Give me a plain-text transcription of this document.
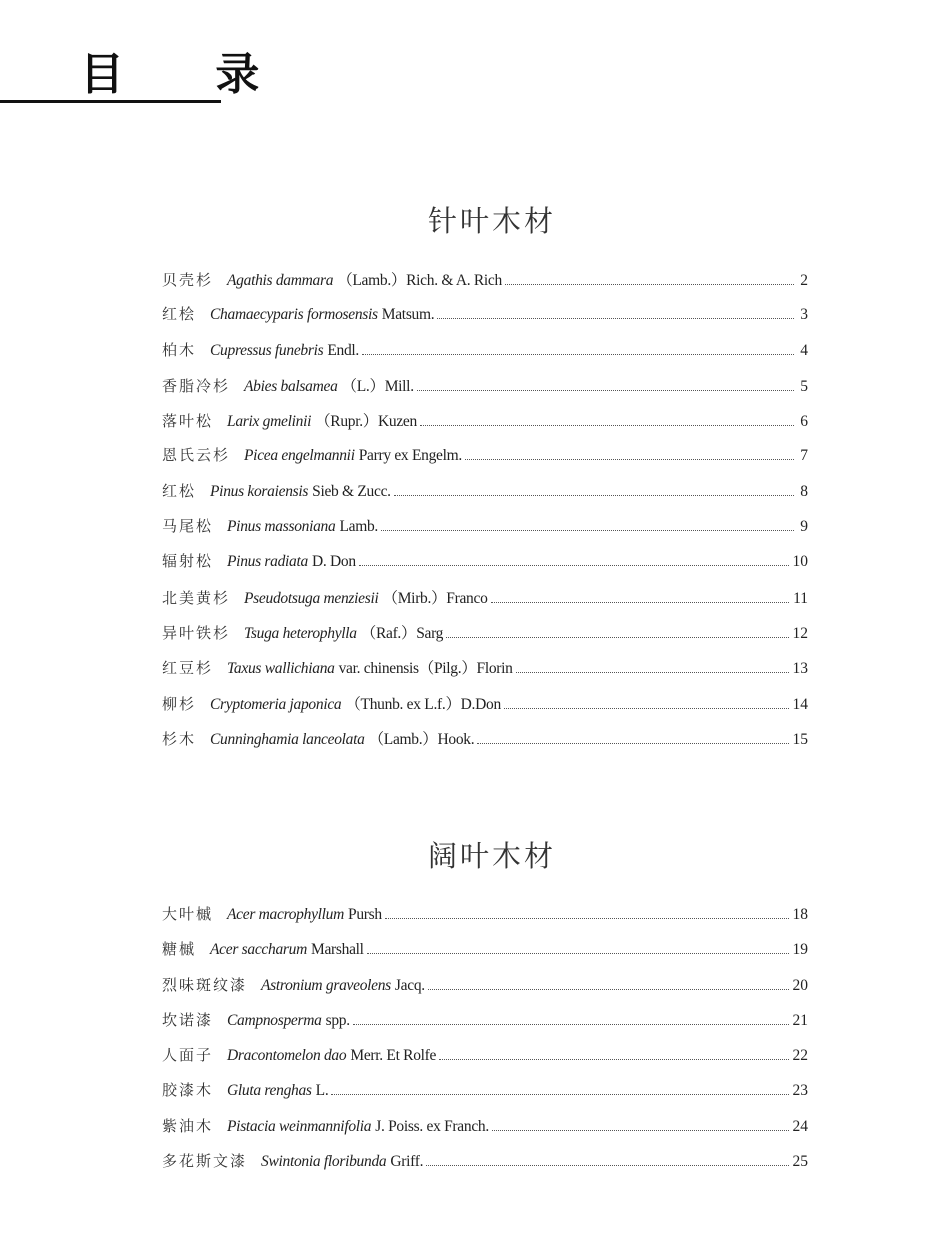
目 录
针叶木材
贝壳杉 Agathis dammara （Lamb.）Rich. & A. Rich	2
红桧 Chamaecyparis formosensis Matsum.	3
柏木 Cupressus funebris Endl.	4
香脂冷杉 Abies balsamea （L.）Mill.	5
落叶松 Larix gmelinii （Rupr.）Kuzen	6
恩氏云杉 Picea engelmannii Parry ex Engelm.	7
红松 Pinus koraiensis Sieb & Zucc.	8
马尾松 Pinus massoniana Lamb.	9
辐射松 Pinus radiata D. Don	10
北美黄杉 Pseudotsuga menziesii （Mirb.）Franco	11
异叶铁杉 Tsuga heterophylla （Raf.）Sarg	12
红豆杉 Taxus wallichiana var. chinensis（Pilg.）Florin	13
柳杉 Cryptomeria japonica （Thunb. ex L.f.）D.Don	14
杉木 Cunninghamia lanceolata （Lamb.）Hook.	15
阔叶木材
大叶槭 Acer macrophyllum Pursh	18
糖槭 Acer saccharum Marshall	19
烈味斑纹漆 Astronium graveolens Jacq.	20
坎诺漆 Campnosperma spp.	21
人面子 Dracontomelon dao Merr. Et Rolfe	22
胶漆木 Gluta renghas L.	23
紫油木 Pistacia weinmannifolia J. Poiss. ex Franch.	24
多花斯文漆 Swintonia floribunda Griff.	25
